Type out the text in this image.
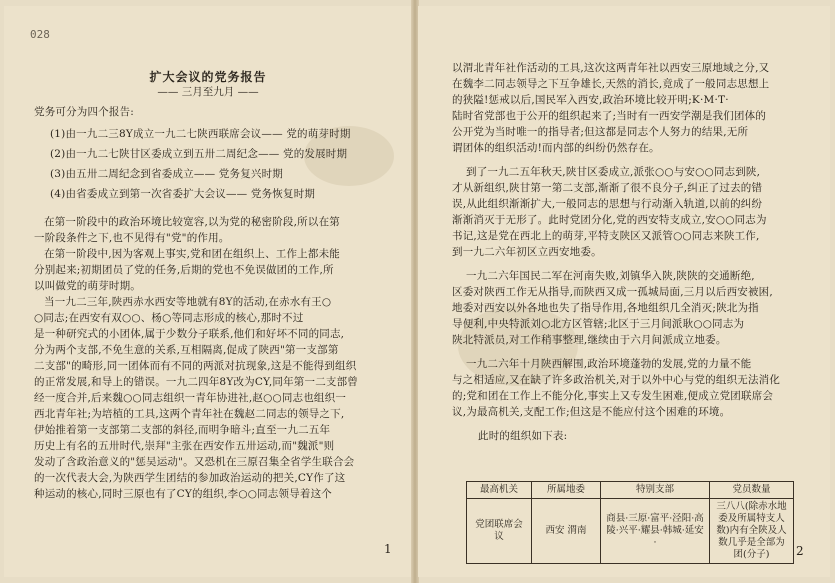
028
扩大会议的党务报告
—— 三月至九月 ——
党务可分为四个报告:
(1)由一九二三8Y成立一九二七陕西联席会议—— 党的萌芽时期
(2)由一九二七陕甘区委成立到五卅二周纪念—— 党的发展时期
(3)由五卅二周纪念到省委成立—— 党务复兴时期
(4)由省委成立到第一次省委扩大会议—— 党务恢复时期
在第一阶段中的政治环境比较宽容,以为党的秘密阶段,所以在第
一阶段条件之下,也不见得有"党"的作用。
在第一阶段中,因为客观上事实,党和团在组织上、工作上都未能
分别起来;初期团员了党的任务,后期的党也不免误做团的工作,所
以叫做党的萌芽时期。
当一九二三年,陕西赤水西安等地就有8Y的活动,在赤水有王○
○同志;在西安有双○○、杨○等同志形成的核心,那时不过
是一种研究式的小团体,属于少数分子联系,他们和好坏不同的同志,
分为两个支部,不免生意的关系,互相隔离,促成了陕西"第一支部第
二支部"的畸形,同一团体而有不同的两派对抗现象,这是不能得到组织
的正常发展,和导上的错误。一九二四年8Y改为CY,同年第一二支部曾
经一度合并,后来魏○○同志组织一青年协进社,赵○○同志也组织一
西北青年社;为培植的工具,这两个青年社在魏赵二同志的领导之下,
伊始推着第一支部第二支部的斜径,而明争暗斗;直至一九二五年
历史上有名的五卅时代,崇拜"主张在西安作五卅运动,而"魏派"则
发动了含政治意义的"惩吴运动"。又恐机在三原召集全省学生联合会
的一次代表大会,为陕西学生团结的参加政治运动的把关,CY作了这
种运动的核心,同时三原也有了CY的组织,李○○同志领导着这个
1
以渭北青年社作活动的工具,这次这两青年社以西安三原地域之分,又
在魏李二同志领导之下互争雄长,天然的消长,竟成了一般同志思想上
的狭隘!惩戒以后,国民军入西安,政治环境比较开明;K·M·T·
陆时省党部也于公开的组织起来了;当时有一西安学潮是我们团体的
公开党为当时唯一的指导者;但这都是同志个人努力的结果,无所
谓团体的组织活动!而内部的纠纷仍然存在。
到了一九二五年秋天,陕甘区委成立,派张○○与安○○同志到陕,
才从新组织,陕甘第一第二支部,渐渐了很不良分子,纠正了过去的错
误,从此组织渐渐扩大,一般同志的思想与行动渐入轨道,以前的纠纷
渐渐消灭于无形了。此时党团分化,党的西安特支成立,安○○同志为
书记,这是党在西北上的萌芽,平特支陕区又派管○○同志来陕工作,
到一九二六年初区立西安地委。
一九二六年国民二军在河南失败,刘镇华入陕,陕陕的交通断绝,
区委对陕西工作无从指导,而陕西又成一孤城局面,三月以后西安被困,
地委对西安以外各地也失了指导作用,各地组织几全消灭;陕北为指
导便利,中央特派刘○北方区管辖;北区于三月间派耿○○同志为
陕北特派员,对工作稍事整理,继续由于六月间派成立地委。
一九二六年十月陕西解围,政治环境蓬勃的发展,党的力量不能
与之相适应,又在缺了许多政治机关,对于以外中心与党的组织无法消化
的;党和团在工作上不能分化,事实上又专发生困难,便成立党团联席会
议,为最高机关,支配工作;但这是不能应付这个困难的环境。
此时的组织如下表:
最高机关	所属地委	特别支部	党员数量
党团联席会议	西安 渭南	商县·三原·富平·泾阳·高陵·兴平·耀县·韩城·延安·	三八八(除赤水地委及所属特支人数)内有全陕及人数几乎是全部为团(分子) 2
